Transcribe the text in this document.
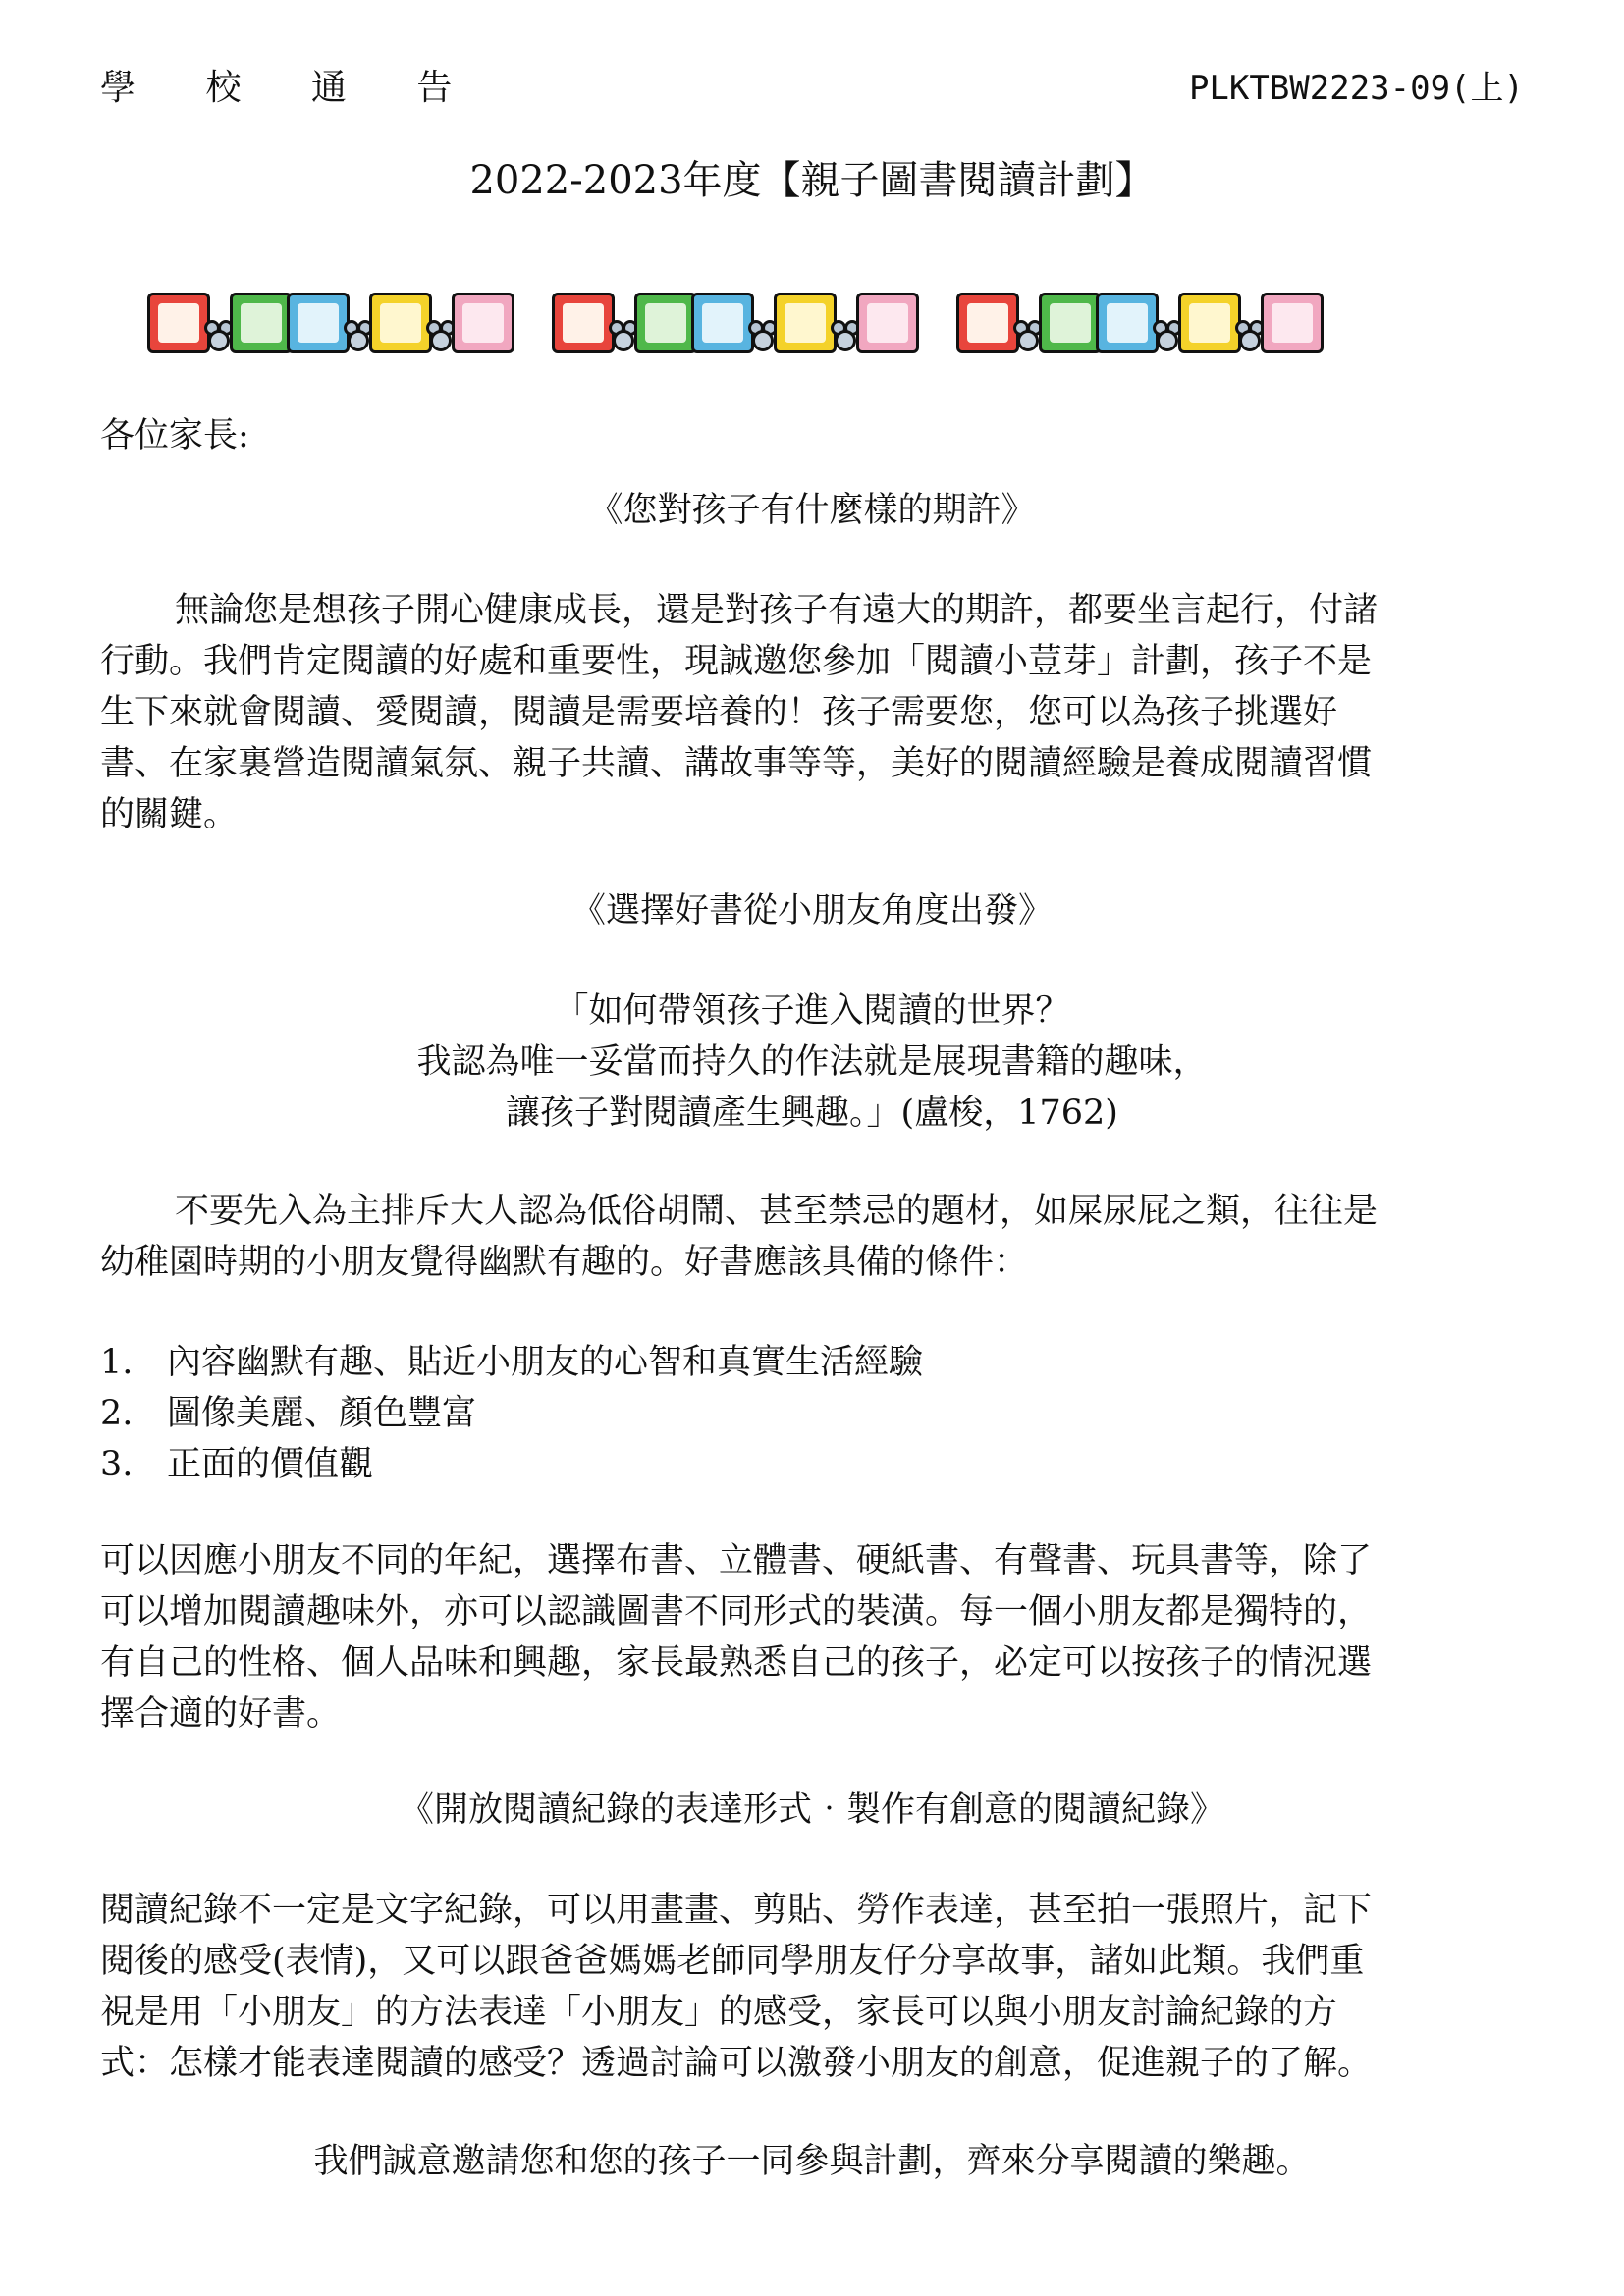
學 校 通 告	PLKTBW2223-09(上)
2022-2023年度【親子圖書閱讀計劃】
各位家長:
《您對孩子有什麼樣的期許》
無論您是想孩子開心健康成長，還是對孩子有遠大的期許，都要坐言起行，付諸
行動。我們肯定閱讀的好處和重要性，現誠邀您參加「閱讀小荳芽」計劃，孩子不是
生下來就會閱讀、愛閱讀，閱讀是需要培養的！孩子需要您，您可以為孩子挑選好
書、在家裏營造閱讀氣氛、親子共讀、講故事等等，美好的閱讀經驗是養成閱讀習慣
的關鍵。
《選擇好書從小朋友角度出發》
「如何帶領孩子進入閱讀的世界？
我認為唯一妥當而持久的作法就是展現書籍的趣味，
讓孩子對閱讀產生興趣。」(盧梭，1762)
不要先入為主排斥大人認為低俗胡鬧、甚至禁忌的題材，如屎尿屁之類，往往是
幼稚園時期的小朋友覺得幽默有趣的。好書應該具備的條件：
1. 內容幽默有趣、貼近小朋友的心智和真實生活經驗
2. 圖像美麗、顏色豐富
3. 正面的價值觀
可以因應小朋友不同的年紀，選擇布書、立體書、硬紙書、有聲書、玩具書等，除了
可以增加閱讀趣味外，亦可以認識圖書不同形式的裝潢。每一個小朋友都是獨特的，
有自己的性格、個人品味和興趣，家長最熟悉自己的孩子，必定可以按孩子的情況選
擇合適的好書。
《開放閱讀紀錄的表達形式‧製作有創意的閱讀紀錄》
閱讀紀錄不一定是文字紀錄，可以用畫畫、剪貼、勞作表達，甚至拍一張照片，記下
閱後的感受(表情)，又可以跟爸爸媽媽老師同學朋友仔分享故事，諸如此類。我們重
視是用「小朋友」的方法表達「小朋友」的感受，家長可以與小朋友討論紀錄的方
式：怎樣才能表達閱讀的感受？透過討論可以激發小朋友的創意，促進親子的了解。
我們誠意邀請您和您的孩子一同參與計劃，齊來分享閱讀的樂趣。
